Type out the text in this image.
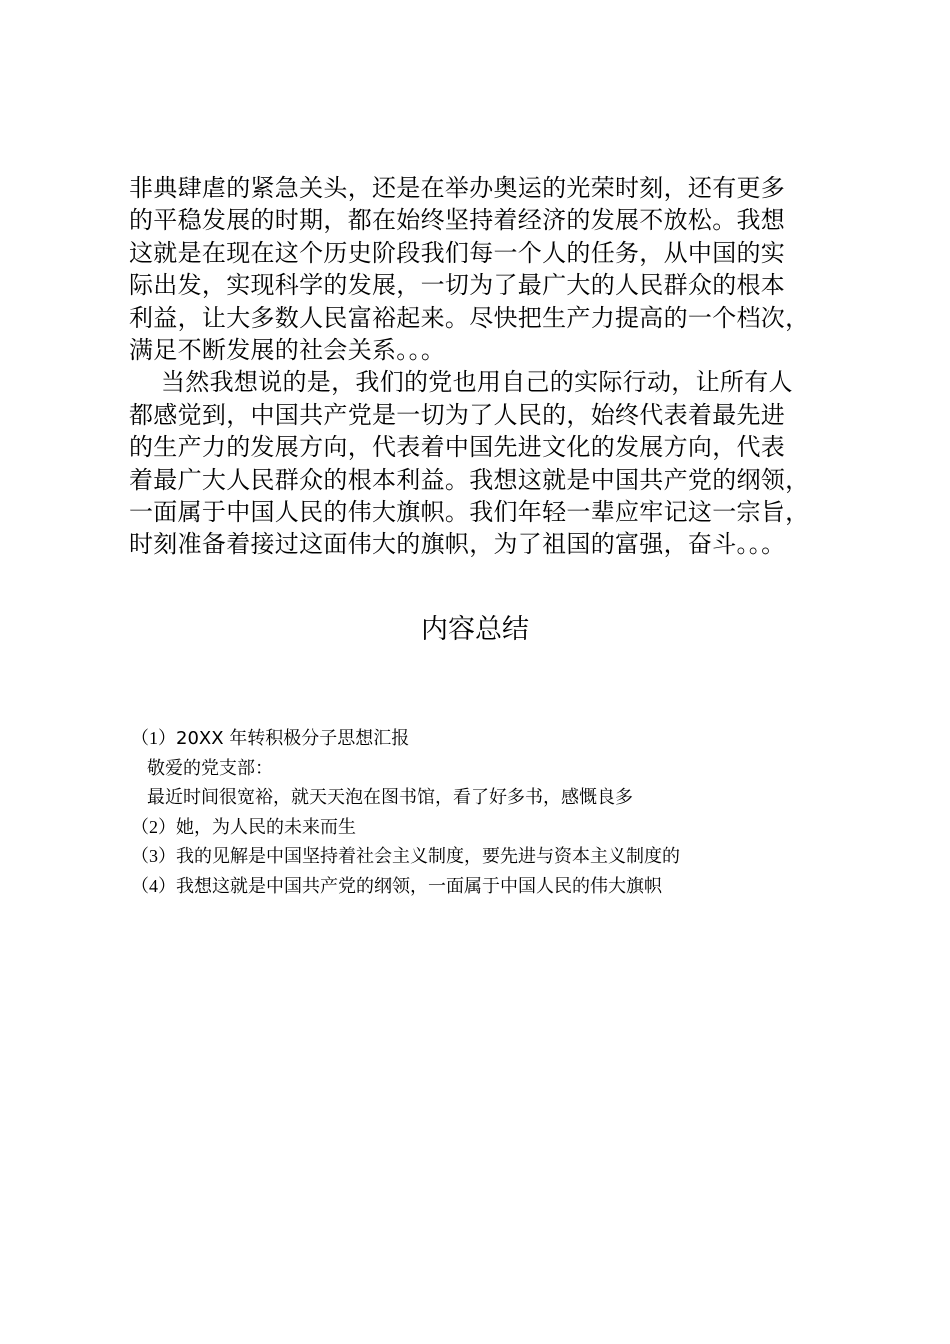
非典肆虐的紧急关头，还是在举办奥运的光荣时刻，还有更多
的平稳发展的时期，都在始终坚持着经济的发展不放松。我想
这就是在现在这个历史阶段我们每一个人的任务，从中国的实
际出发，实现科学的发展，一切为了最广大的人民群众的根本
利益，让大多数人民富裕起来。尽快把生产力提高的一个档次，
满足不断发展的社会关系。。。
当然我想说的是，我们的党也用自己的实际行动，让所有人
都感觉到，中国共产党是一切为了人民的，始终代表着最先进
的生产力的发展方向，代表着中国先进文化的发展方向，代表
着最广大人民群众的根本利益。我想这就是中国共产党的纲领，
一面属于中国人民的伟大旗帜。我们年轻一辈应牢记这一宗旨，
时刻准备着接过这面伟大的旗帜，为了祖国的富强，奋斗。。。
内容总结
（1）20XX 年转积极分子思想汇报
敬爱的党支部：
最近时间很宽裕，就天天泡在图书馆，看了好多书，感慨良多
（2）她，为人民的未来而生
（3）我的见解是中国坚持着社会主义制度，要先进与资本主义制度的
（4）我想这就是中国共产党的纲领，一面属于中国人民的伟大旗帜
